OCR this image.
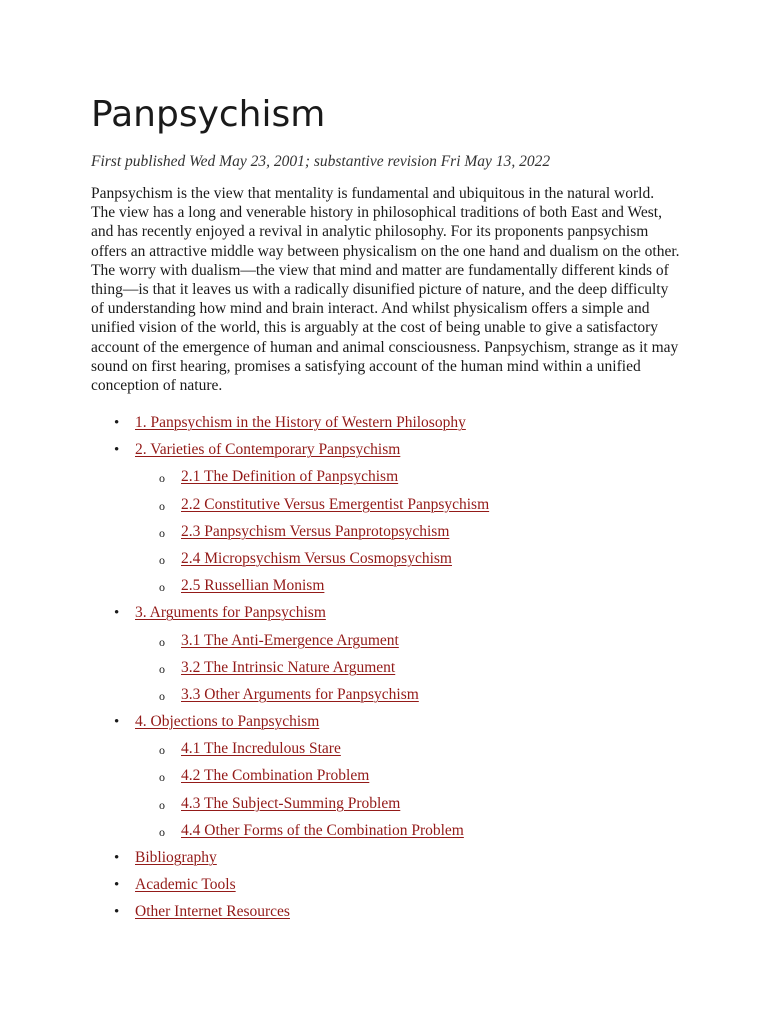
Panpsychism
First published Wed May 23, 2001; substantive revision Fri May 13, 2022

Panpsychism is the view that mentality is fundamental and ubiquitous in the natural world. The view has a long and venerable history in philosophical traditions of both East and West, and has recently enjoyed a revival in analytic philosophy. For its proponents panpsychism offers an attractive middle way between physicalism on the one hand and dualism on the other. The worry with dualism—the view that mind and matter are fundamentally different kinds of thing—is that it leaves us with a radically disunified picture of nature, and the deep difficulty of understanding how mind and brain interact. And whilst physicalism offers a simple and unified vision of the world, this is arguably at the cost of being unable to give a satisfactory account of the emergence of human and animal consciousness. Panpsychism, strange as it may sound on first hearing, promises a satisfying account of the human mind within a unified conception of nature.

• 1. Panpsychism in the History of Western Philosophy
• 2. Varieties of Contemporary Panpsychism
o 2.1 The Definition of Panpsychism
o 2.2 Constitutive Versus Emergentist Panpsychism
o 2.3 Panpsychism Versus Panprotopsychism
o 2.4 Micropsychism Versus Cosmopsychism
o 2.5 Russellian Monism
• 3. Arguments for Panpsychism
o 3.1 The Anti-Emergence Argument
o 3.2 The Intrinsic Nature Argument
o 3.3 Other Arguments for Panpsychism
• 4. Objections to Panpsychism
o 4.1 The Incredulous Stare
o 4.2 The Combination Problem
o 4.3 The Subject-Summing Problem
o 4.4 Other Forms of the Combination Problem
• Bibliography
• Academic Tools
• Other Internet Resources
